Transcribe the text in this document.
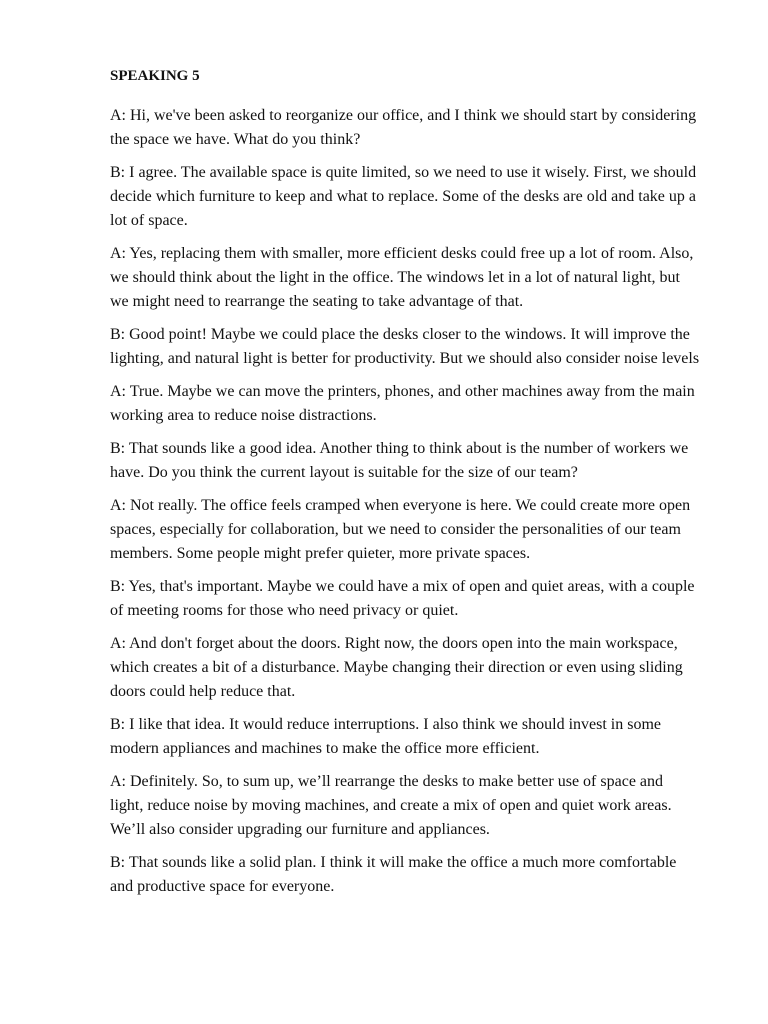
SPEAKING 5

A: Hi, we've been asked to reorganize our office, and I think we should start by considering the space we have. What do you think?

B: I agree. The available space is quite limited, so we need to use it wisely. First, we should decide which furniture to keep and what to replace. Some of the desks are old and take up a lot of space.

A: Yes, replacing them with smaller, more efficient desks could free up a lot of room. Also, we should think about the light in the office. The windows let in a lot of natural light, but we might need to rearrange the seating to take advantage of that.

B: Good point! Maybe we could place the desks closer to the windows. It will improve the lighting, and natural light is better for productivity. But we should also consider noise levels

A: True. Maybe we can move the printers, phones, and other machines away from the main working area to reduce noise distractions.

B: That sounds like a good idea. Another thing to think about is the number of workers we have. Do you think the current layout is suitable for the size of our team?

A: Not really. The office feels cramped when everyone is here. We could create more open spaces, especially for collaboration, but we need to consider the personalities of our team members. Some people might prefer quieter, more private spaces.

B: Yes, that's important. Maybe we could have a mix of open and quiet areas, with a couple of meeting rooms for those who need privacy or quiet.

A: And don't forget about the doors. Right now, the doors open into the main workspace, which creates a bit of a disturbance. Maybe changing their direction or even using sliding doors could help reduce that.

B: I like that idea. It would reduce interruptions. I also think we should invest in some modern appliances and machines to make the office more efficient.

A: Definitely. So, to sum up, we’ll rearrange the desks to make better use of space and light, reduce noise by moving machines, and create a mix of open and quiet work areas. We’ll also consider upgrading our furniture and appliances.

B: That sounds like a solid plan. I think it will make the office a much more comfortable and productive space for everyone.
